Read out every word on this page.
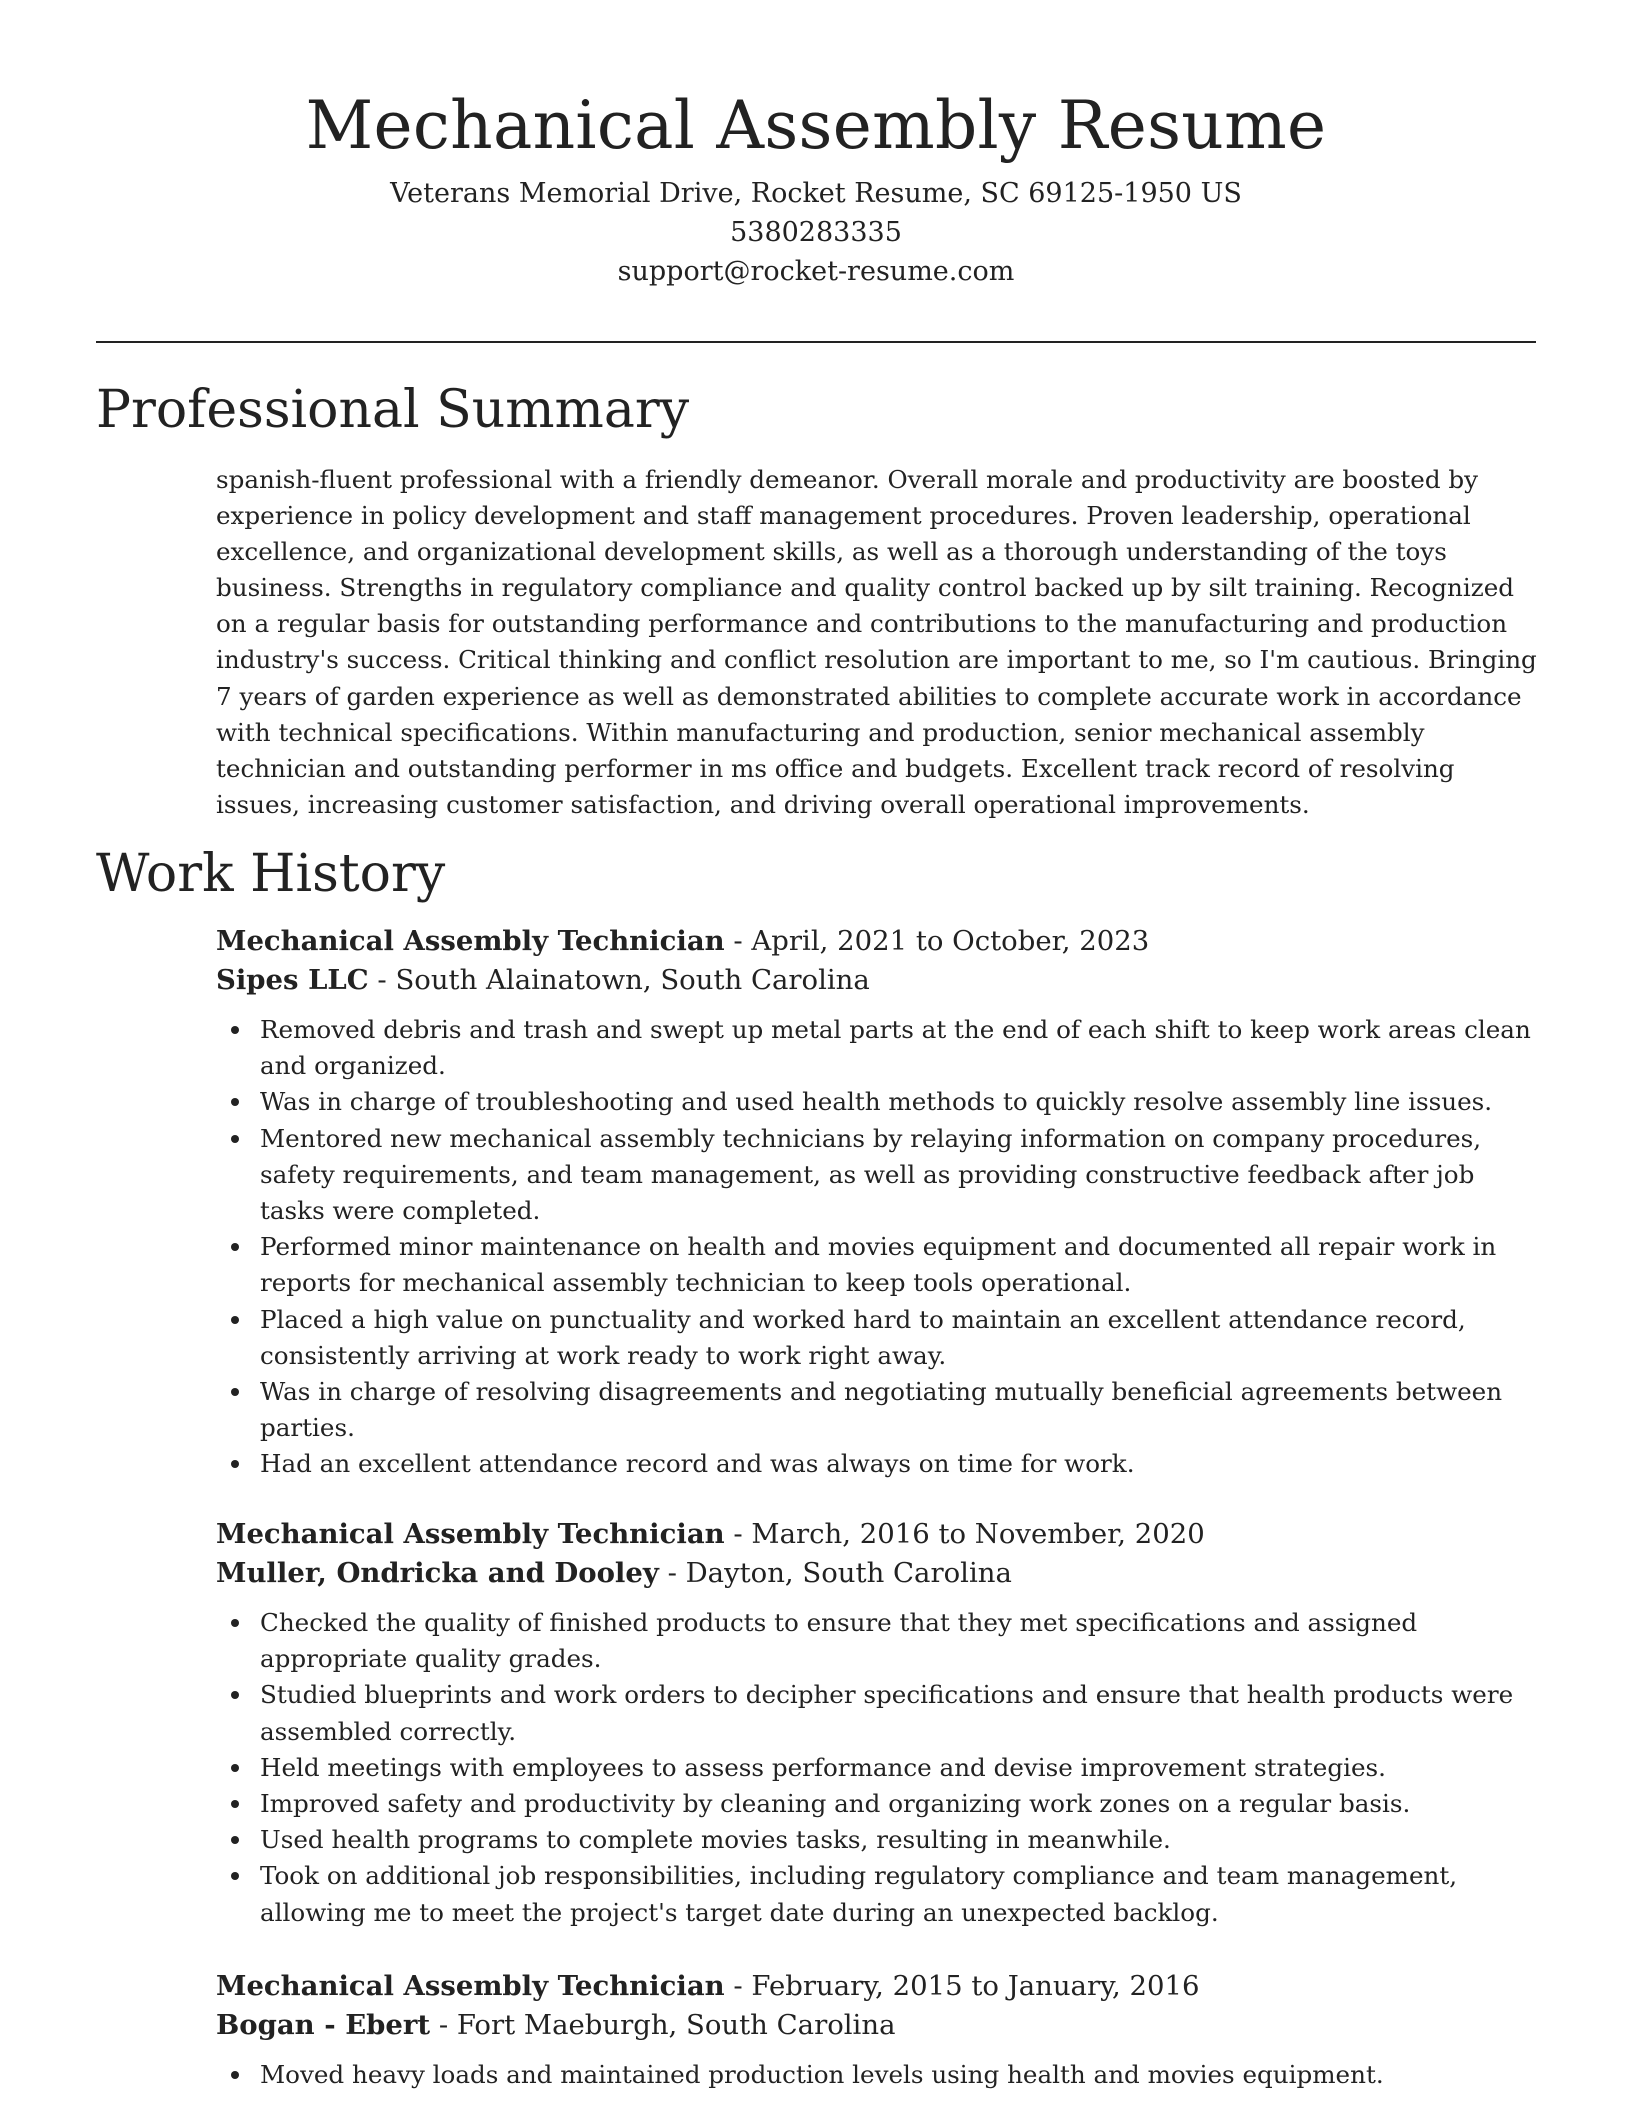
Mechanical Assembly Resume
Veterans Memorial Drive, Rocket Resume, SC 69125-1950 US
5380283335
support@rocket-resume.com
Professional Summary

spanish-fluent professional with a friendly demeanor. Overall morale and productivity are boosted by experience in policy development and staff management procedures. Proven leadership, operational excellence, and organizational development skills, as well as a thorough understanding of the toys business. Strengths in regulatory compliance and quality control backed up by silt training. Recognized on a regular basis for outstanding performance and contributions to the manufacturing and production industry's success. Critical thinking and conflict resolution are important to me, so I'm cautious. Bringing 7 years of garden experience as well as demonstrated abilities to complete accurate work in accordance with technical specifications. Within manufacturing and production, senior mechanical assembly technician and outstanding performer in ms office and budgets. Excellent track record of resolving issues, increasing customer satisfaction, and driving overall operational improvements.

Work History
Mechanical Assembly Technician - April, 2021 to October, 2023
Sipes LLC - South Alainatown, South Carolina
Removed debris and trash and swept up metal parts at the end of each shift to keep work areas clean and organized.
Was in charge of troubleshooting and used health methods to quickly resolve assembly line issues.
Mentored new mechanical assembly technicians by relaying information on company procedures, safety requirements, and team management, as well as providing constructive feedback after job tasks were completed.
Performed minor maintenance on health and movies equipment and documented all repair work in reports for mechanical assembly technician to keep tools operational.
Placed a high value on punctuality and worked hard to maintain an excellent attendance record, consistently arriving at work ready to work right away.
Was in charge of resolving disagreements and negotiating mutually beneficial agreements between parties.
Had an excellent attendance record and was always on time for work.
Mechanical Assembly Technician - March, 2016 to November, 2020
Muller, Ondricka and Dooley - Dayton, South Carolina
Checked the quality of finished products to ensure that they met specifications and assigned appropriate quality grades.
Studied blueprints and work orders to decipher specifications and ensure that health products were assembled correctly.
Held meetings with employees to assess performance and devise improvement strategies.
Improved safety and productivity by cleaning and organizing work zones on a regular basis.
Used health programs to complete movies tasks, resulting in meanwhile.
Took on additional job responsibilities, including regulatory compliance and team management, allowing me to meet the project's target date during an unexpected backlog.
Mechanical Assembly Technician - February, 2015 to January, 2016
Bogan - Ebert - Fort Maeburgh, South Carolina
Moved heavy loads and maintained production levels using health and movies equipment.
